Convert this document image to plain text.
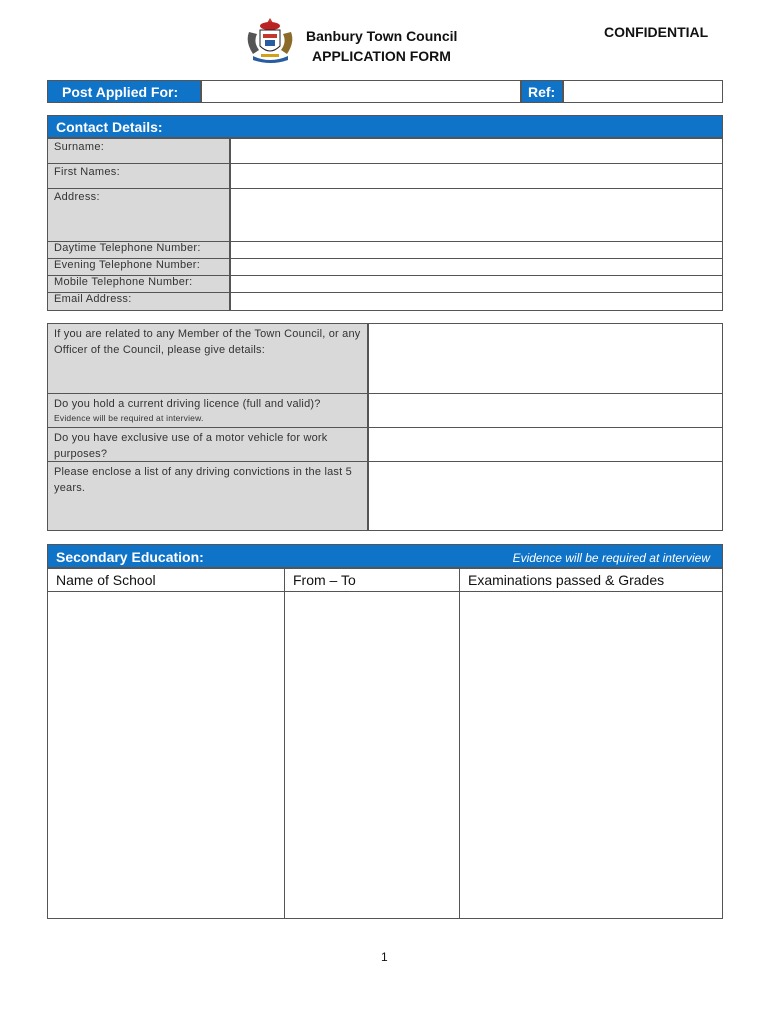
Banbury Town Council
APPLICATION FORM
CONFIDENTIAL
Post Applied For:	Ref:
Contact Details:
Surname:
First Names:
Address:
Daytime Telephone Number:
Evening Telephone Number:
Mobile Telephone Number:
Email Address:
If you are related to any Member of the Town Council, or any Officer of the Council, please give details:
Do you hold a current driving licence (full and valid)?
Evidence will be required at interview.
Do you have exclusive use of a motor vehicle for work purposes?
Please enclose a list of any driving convictions in the last 5 years.
Secondary Education:	Evidence will be required at interview
Name of School	From – To	Examinations passed & Grades
1
